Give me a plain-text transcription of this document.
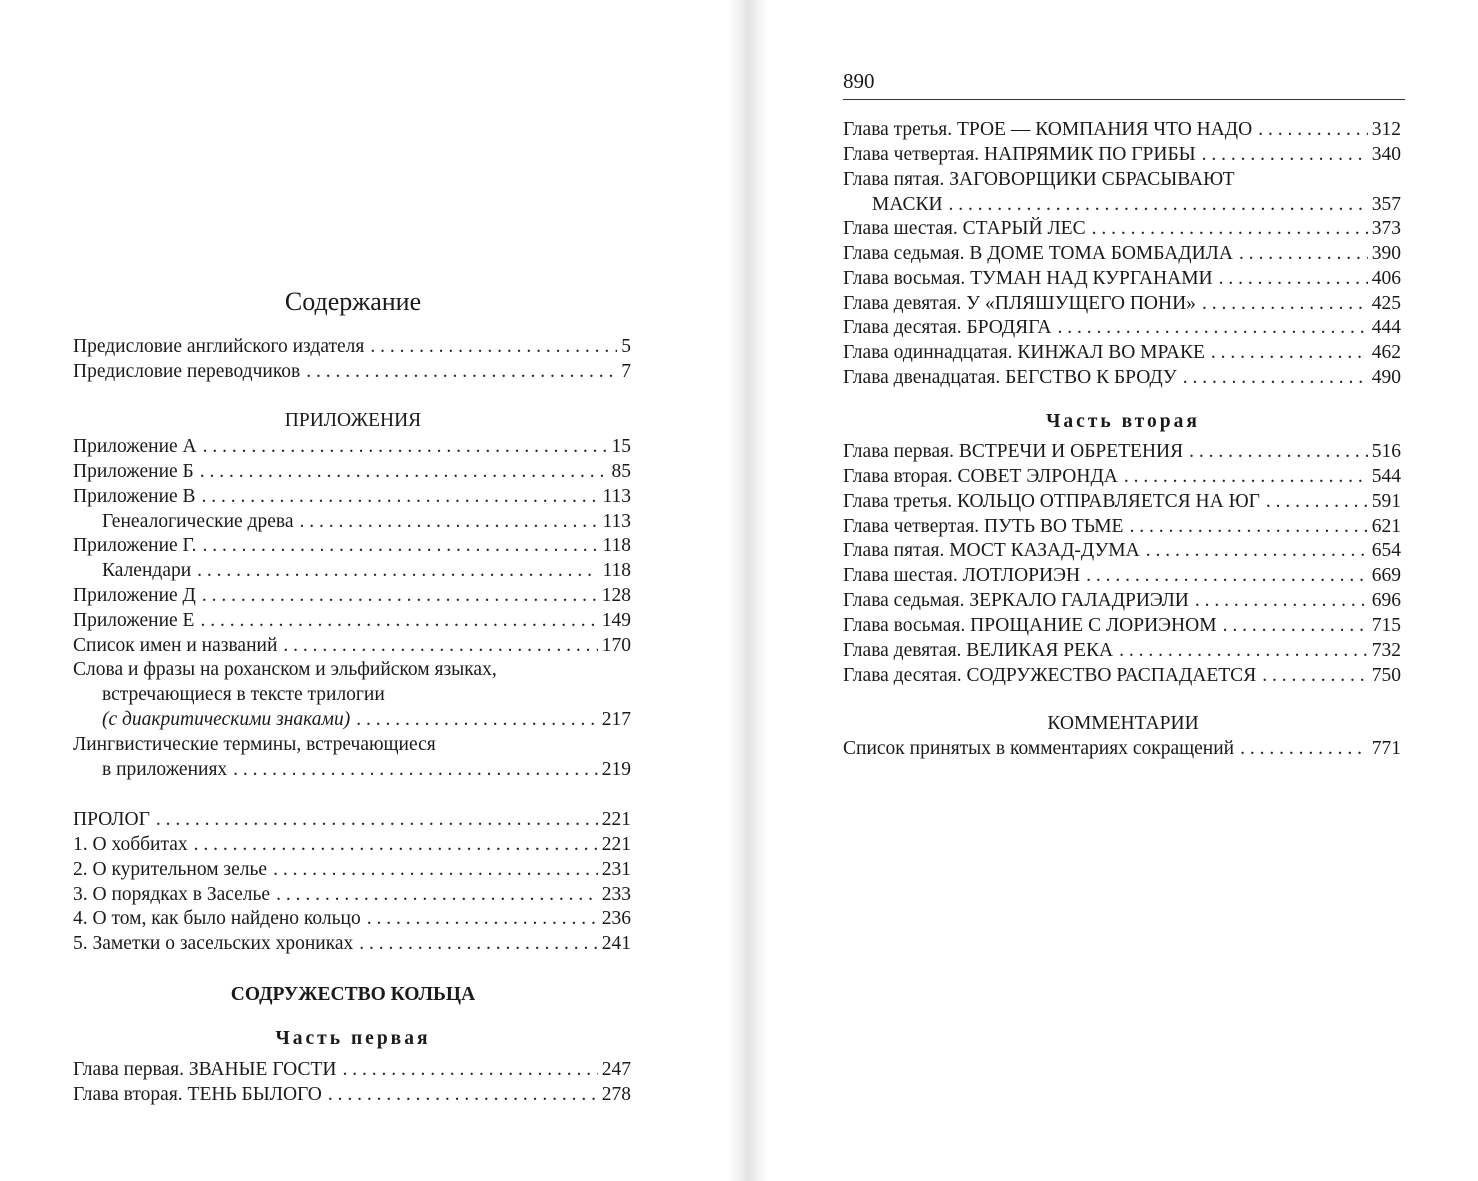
Содержание
ПРИЛОЖЕНИЯ
Слова и фразы на роханском и эльфийском языках,
встречающиеся в тексте трилогии
(с диакритическими знаками) . . .	217
Лингвистические термины, встречающиеся
в приложениях . . .	219
СОДРУЖЕСТВО КОЛЬЦА
Часть первая
890
Глава пятая. ЗАГОВОРЩИКИ СБРАСЫВАЮТ
МАСКИ . . .	357
Часть вторая
КОММЕНТАРИИ
Предисловие английского издателя . . .	5
Предисловие переводчиков . . .	7
Приложение А . . .	15
Приложение Б . . .	85
Приложение В . . .	113
Генеалогические древа . . .	113
Приложение Г. . . .	118
Календари . . .	118
Приложение Д . . .	128
Приложение Е . . .	149
Список имен и названий . . .	170
ПРОЛОГ . . .	221
1. О хоббитах . . .	221
2. О курительном зелье . . .	231
3. О порядках в Заселье . . .	233
4. О том, как было найдено кольцо . . .	236
5. Заметки о засельских хрониках . . .	241
Глава первая. ЗВАНЫЕ ГОСТИ . . .	247
Глава вторая. ТЕНЬ БЫЛОГО . . .	278
Глава третья. ТРОЕ — КОМПАНИЯ ЧТО НАДО . . .	312
Глава четвертая. НАПРЯМИК ПО ГРИБЫ . . .	340
Глава шестая. СТАРЫЙ ЛЕС . . .	373
Глава седьмая. В ДОМЕ ТОМА БОМБАДИЛА . . .	390
Глава восьмая. ТУМАН НАД КУРГАНАМИ . . .	406
Глава девятая. У «ПЛЯШУЩЕГО ПОНИ» . . .	425
Глава десятая. БРОДЯГА . . .	444
Глава одиннадцатая. КИНЖАЛ ВО МРАКЕ . . .	462
Глава двенадцатая. БЕГСТВО К БРОДУ . . .	490
Глава первая. ВСТРЕЧИ И ОБРЕТЕНИЯ . . .	516
Глава вторая. СОВЕТ ЭЛРОНДА . . .	544
Глава третья. КОЛЬЦО ОТПРАВЛЯЕТСЯ НА ЮГ . . .	591
Глава четвертая. ПУТЬ ВО ТЬМЕ . . .	621
Глава пятая. МОСТ КАЗАД-ДУМА . . .	654
Глава шестая. ЛОТЛОРИЭН . . .	669
Глава седьмая. ЗЕРКАЛО ГАЛАДРИЭЛИ . . .	696
Глава восьмая. ПРОЩАНИЕ С ЛОРИЭНОМ . . .	715
Глава девятая. ВЕЛИКАЯ РЕКА . . .	732
Глава десятая. СОДРУЖЕСТВО РАСПАДАЕТСЯ . . .	750
Список принятых в комментариях сокращений . . .	771
